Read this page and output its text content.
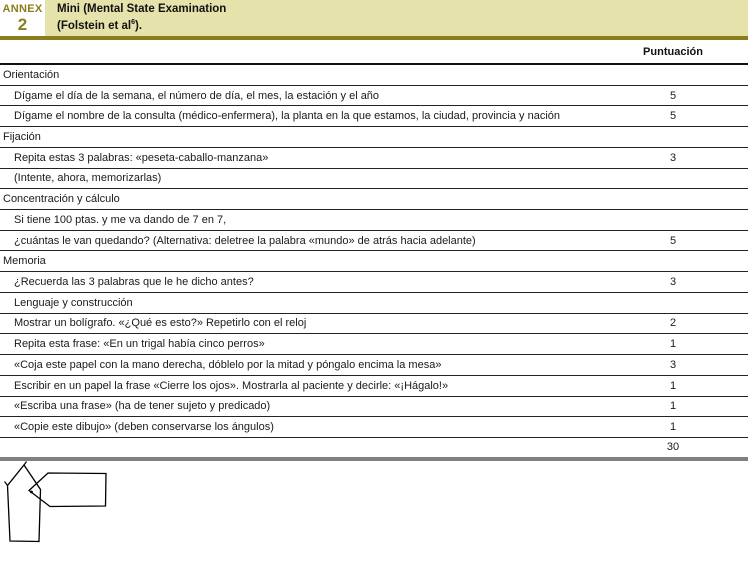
ANNEX
2
Mini (Mental State Examination
(Folstein et $al^6$).
Puntuación
Orientación
Dígame el día de la semana, el número de día, el mes, la estación y el año	5
Dígame el nombre de la consulta (médico-enfermera), la planta en la que estamos, la ciudad, provincia y nación	5
Fijación
Repita estas 3 palabras: «peseta-caballo-manzana»	3
(Intente, ahora, memorizarlas)
Concentración y cálculo
Si tiene 100 ptas. y me va dando de 7 en 7,
¿cuántas le van quedando? (Alternativa: deletree la palabra «mundo» de atrás hacia adelante)	5
Memoria
¿Recuerda las 3 palabras que le he dicho antes?	3
Lenguaje y construcción
Mostrar un bolígrafo. «¿Qué es esto?» Repetirlo con el reloj	2
Repita esta frase: «En un trigal había cinco perros»	1
«Coja este papel con la mano derecha, dóblelo por la mitad y póngalo encima la mesa»	3
Escribir en un papel la frase «Cierre los ojos». Mostrarla al paciente y decirle: «¡Hágalo!»	1
«Escriba una frase» (ha de tener sujeto y predicado)	1
«Copie este dibujo» (deben conservarse los ángulos)	1
30
